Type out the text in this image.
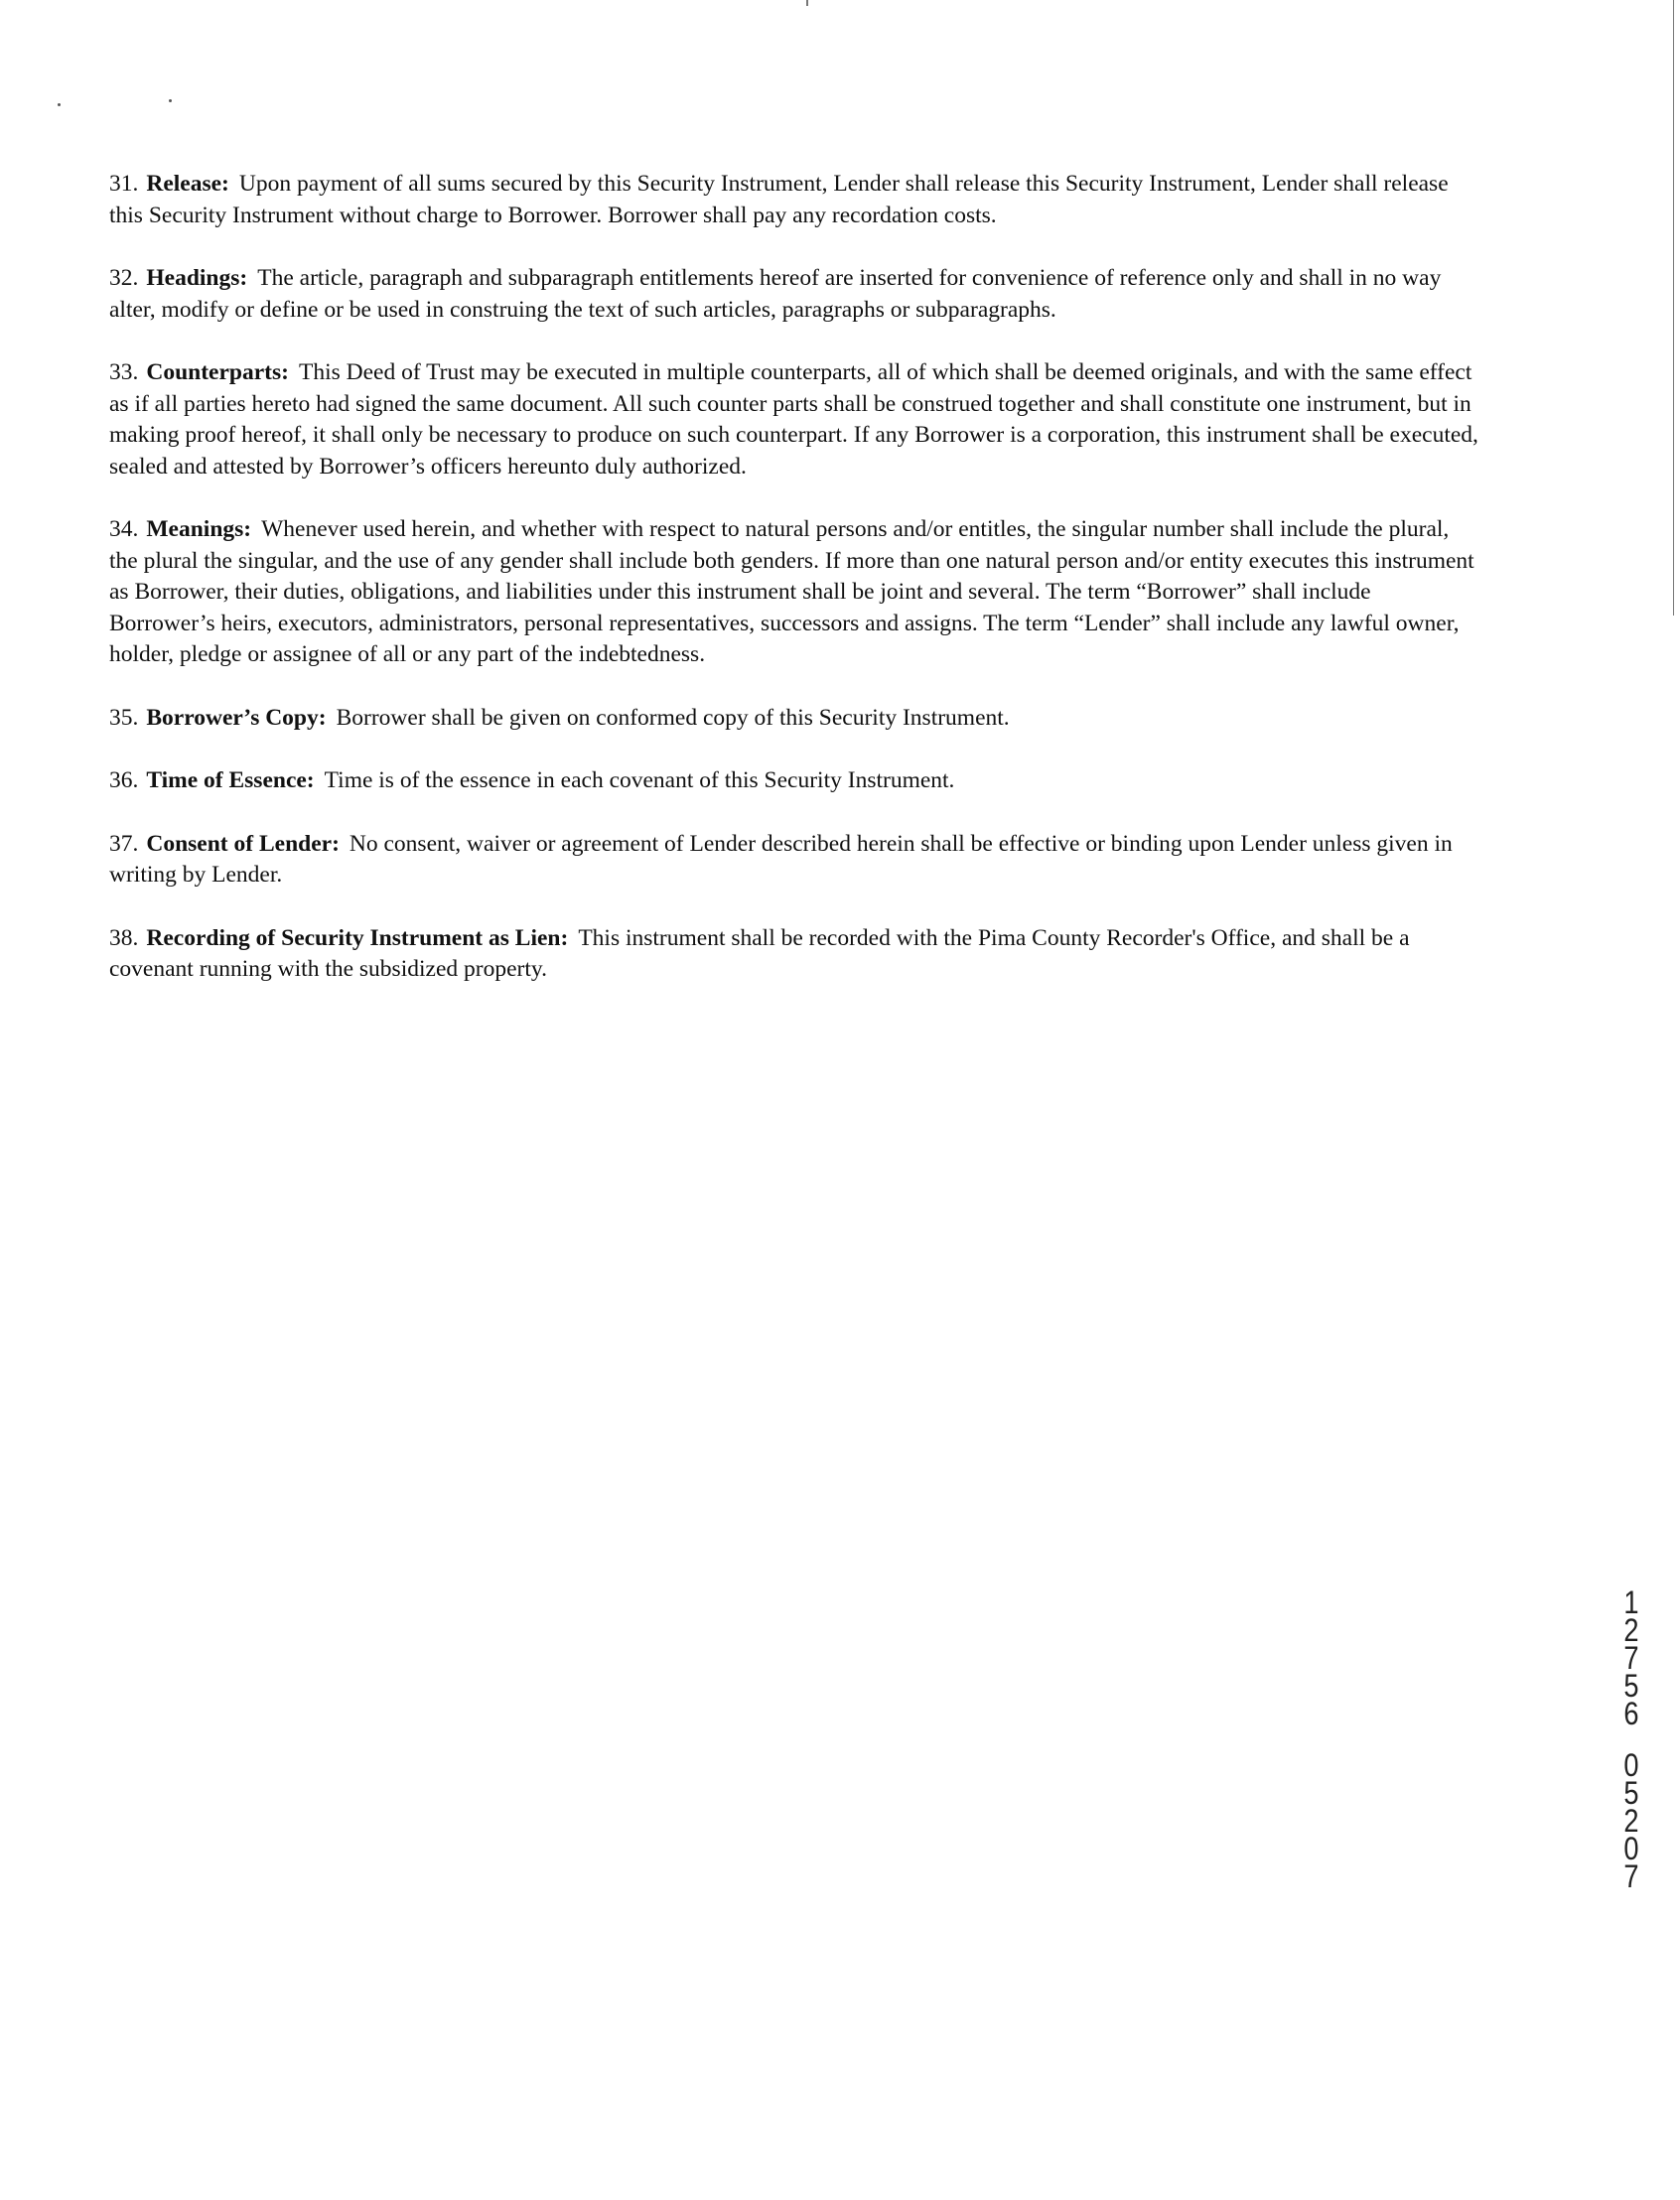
31. Release: Upon payment of all sums secured by this Security Instrument, Lender shall release this Security Instrument, Lender shall release this Security Instrument without charge to Borrower. Borrower shall pay any recordation costs.

32. Headings: The article, paragraph and subparagraph entitlements hereof are inserted for convenience of reference only and shall in no way alter, modify or define or be used in construing the text of such articles, paragraphs or subparagraphs.

33. Counterparts: This Deed of Trust may be executed in multiple counterparts, all of which shall be deemed originals, and with the same effect as if all parties hereto had signed the same document. All such counter parts shall be construed together and shall constitute one instrument, but in making proof hereof, it shall only be necessary to produce on such counterpart. If any Borrower is a corporation, this instrument shall be executed, sealed and attested by Borrower’s officers hereunto duly authorized.

34. Meanings: Whenever used herein, and whether with respect to natural persons and/or entitles, the singular number shall include the plural, the plural the singular, and the use of any gender shall include both genders. If more than one natural person and/or entity executes this instrument as Borrower, their duties, obligations, and liabilities under this instrument shall be joint and several. The term “Borrower” shall include Borrower’s heirs, executors, administrators, personal representatives, successors and assigns. The term “Lender” shall include any lawful owner, holder, pledge or assignee of all or any part of the indebtedness.

35. Borrower’s Copy: Borrower shall be given on conformed copy of this Security Instrument.

36. Time of Essence: Time is of the essence in each covenant of this Security Instrument.

37. Consent of Lender: No consent, waiver or agreement of Lender described herein shall be effective or binding upon Lender unless given in writing by Lender.

38. Recording of Security Instrument as Lien: This instrument shall be recorded with the Pima County Recorder's Office, and shall be a covenant running with the subsidized property.

1
2
7
5
6
0
5
2
0
7
